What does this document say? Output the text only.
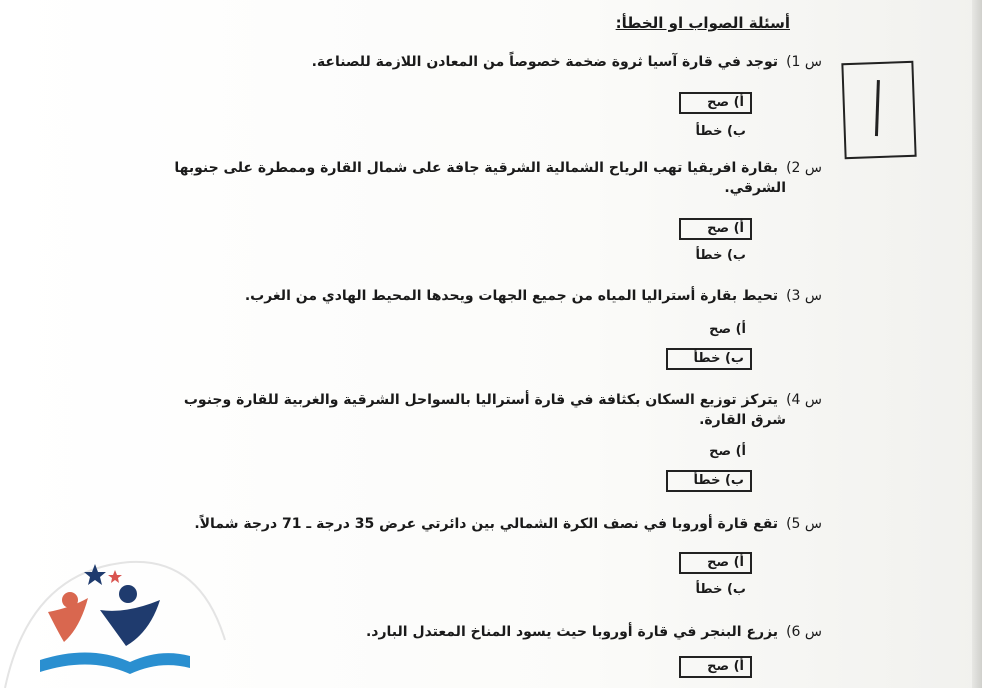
أسئلة الصواب او الخطأ:
س 1)توجد في قارة آسيا ثروة ضخمة خصوصاً من المعادن اللازمة للصناعة.
أ) صح
ب) خطأ
س 2)بقارة افريقيا تهب الرياح الشمالية الشرقية جافة على شمال القارة وممطرة على جنوبها
الشرقي.
أ) صح
ب) خطأ
س 3)تحيط بقارة أستراليا المياه من جميع الجهات ويحدها المحيط الهادي من الغرب.
أ) صح
ب) خطأ
س 4)يتركز توزيع السكان بكثافة في قارة أستراليا بالسواحل الشرقية والغربية للقارة وجنوب
شرق القارة.
أ) صح
ب) خطأ
س 5)تقع قارة أوروبا في نصف الكرة الشمالي بين دائرتي عرض 35 درجة ـ 71 درجة شمالاً.
أ) صح
ب) خطأ
س 6)يزرع البنجر في قارة أوروبا حيث يسود المناخ المعتدل البارد.
أ) صح
